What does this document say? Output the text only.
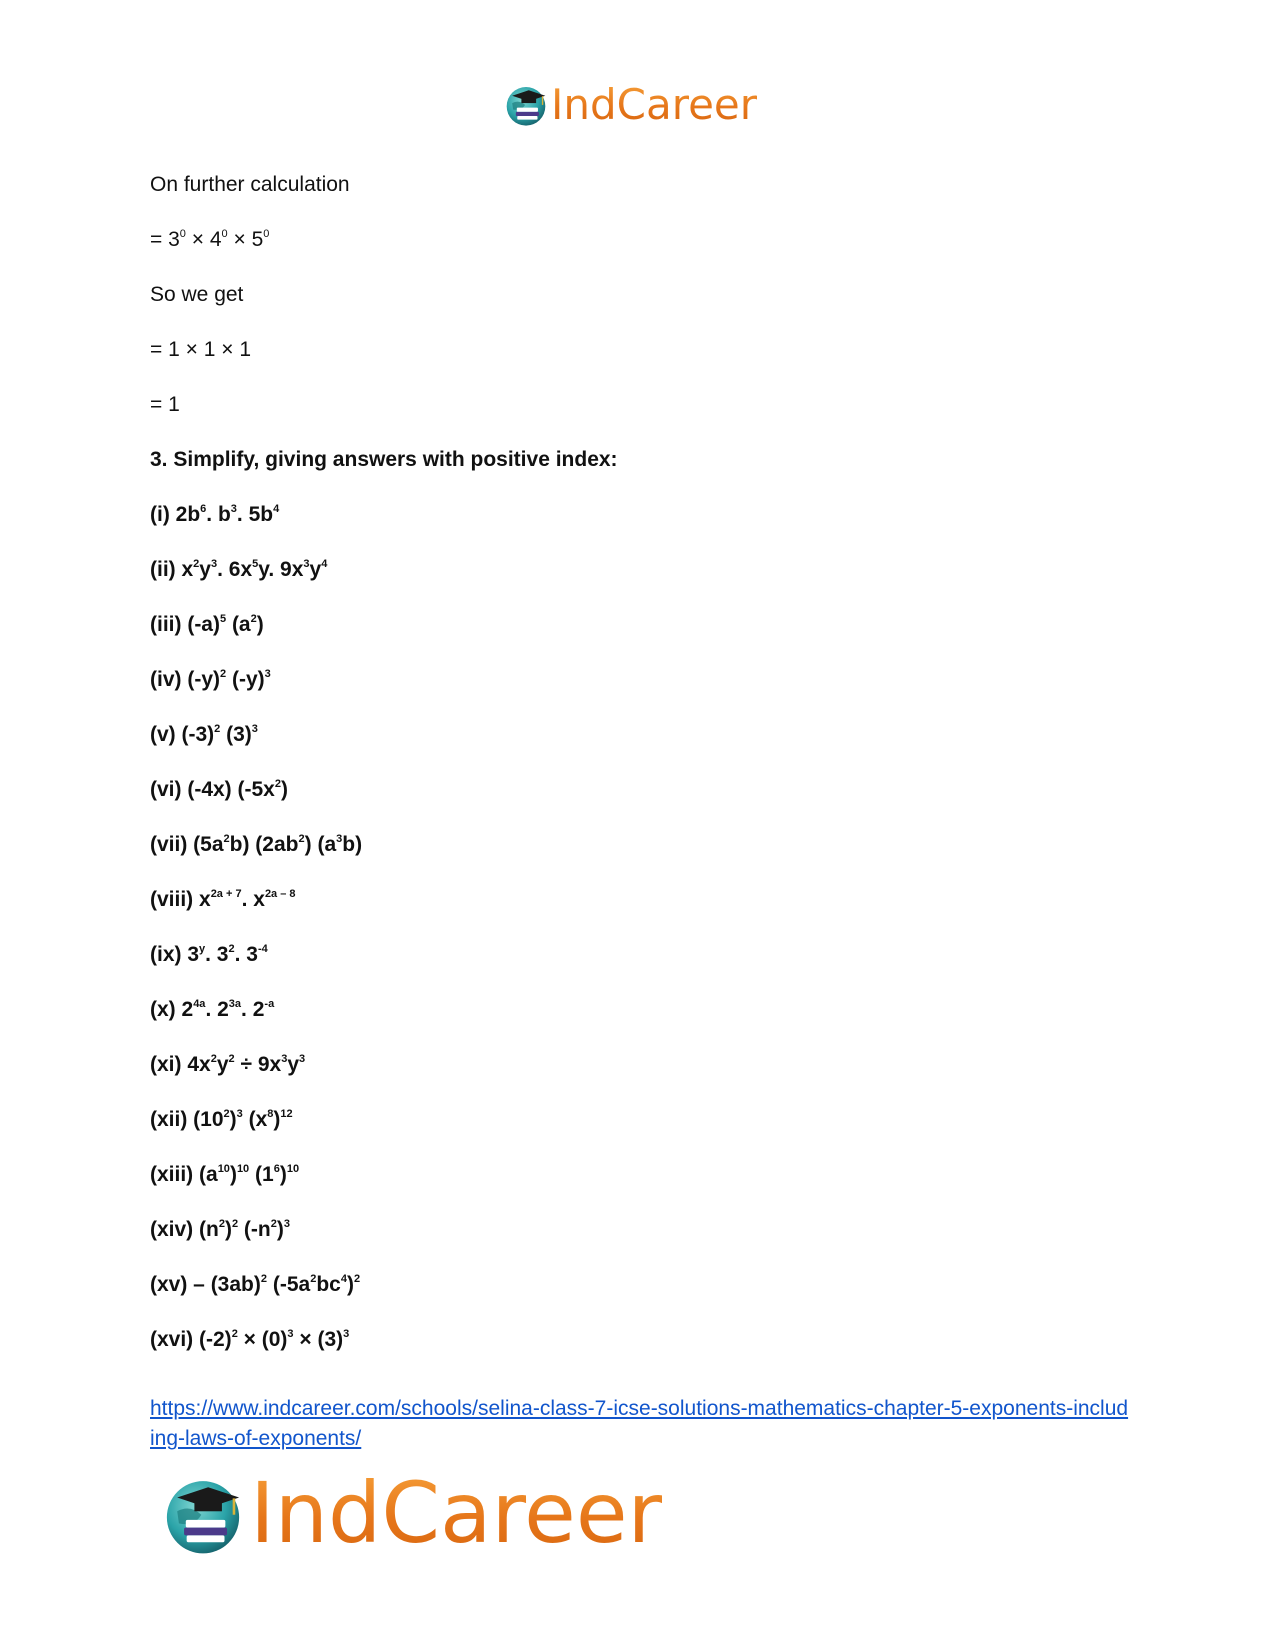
IndCareer
On further calculation
= $3^0 \times 4^0 \times 5^0$
So we get
= 1 × 1 × 1
= 1
3. Simplify, giving answers with positive index:
(i) $2b^6$. $b^3$. $5b^4$
(ii) $x^2y^3$. $6x^5y$. $9x^3y^4$
(iii) $(-a)^5$ $(a^2)$
(iv) $(-y)^2$ $(-y)^3$
(v) $(-3)^2$ $(3)^3$
(vi) (-4x) $(-5x^2)$
(vii) $(5a^2b)$ $(2ab^2)$ $(a^3b)$
(viii) $x^{2a + 7}$. $x^{2a - 8}$
(ix) 3$^y$. $3^2$. $3^{-4}$
(x) $2^{4a}$. $2^{3a}$. $2^{-a}$
(xi) $4x^2y^2 \div 9x^3y^3$
(xii) $(10^2)^3$ $(x^8)^{12}$
(xiii) $(a^{10})^{10}$ $(1^6)^{10}$
(xiv) $(n^2)^2$ $(-n^2)^3$
$(xv) - (3ab)^2$ $(-5a^2bc^4)^2$
(xvi) $(-2)^2 \times (0)^3 \times (3)^3$
https://www.indcareer.com/schools/selina-class-7-icse-solutions-mathematics-chapter-5-exponents-including-laws-of-exponents/
IndCareer
